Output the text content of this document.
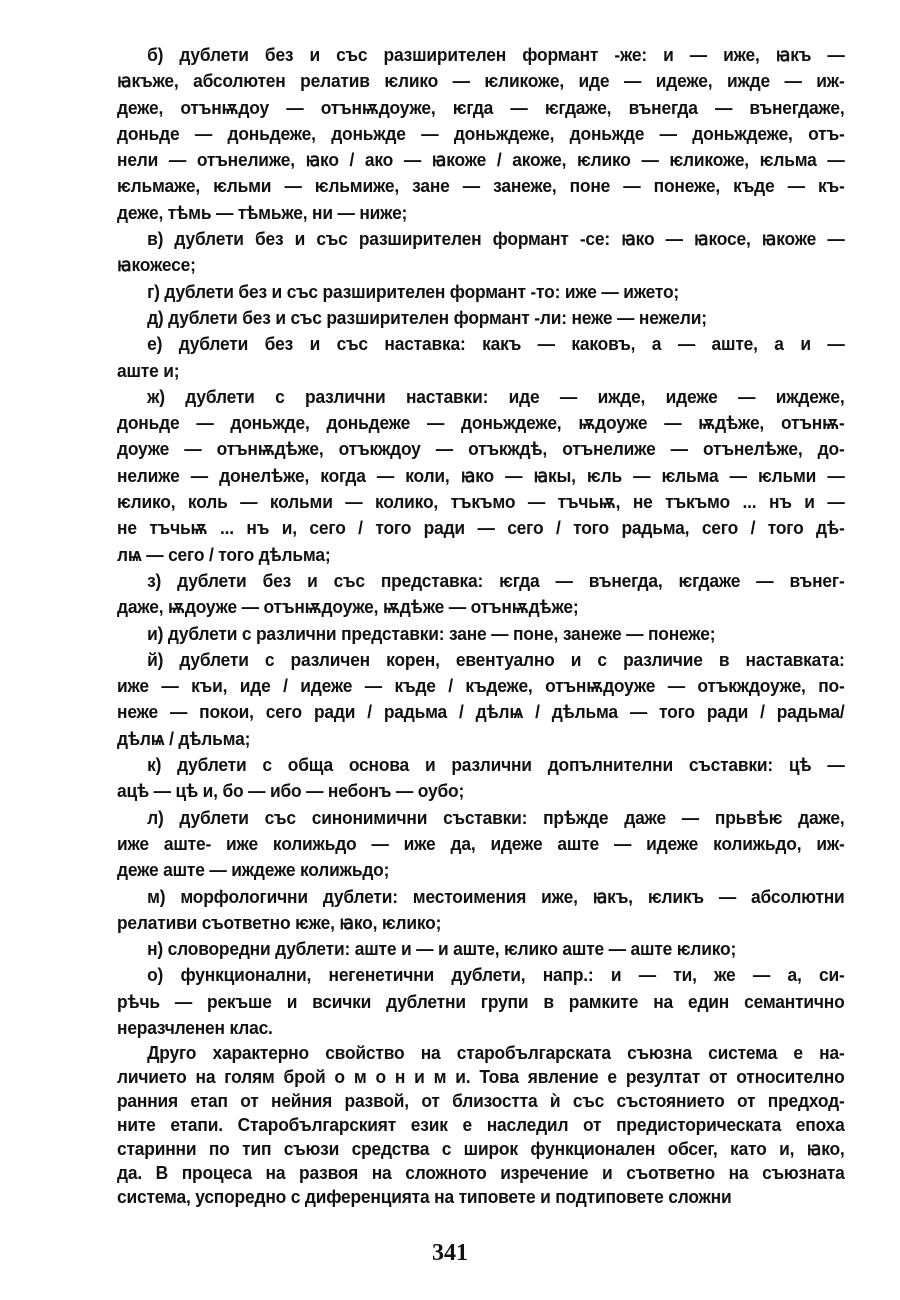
б) дублети без и със разширителен формант -же: и — иже, ꙗкъ —
ꙗкъже, абсолютен релатив ѥлико — ѥликоже, иде — идеже, ижде — иж-
деже, отънѭдоу — отънѭдоуже, ѥгда — ѥгдаже, вънегда — вънегдаже,
доньде — доньдеже, доньжде — доньждеже, доньжде — доньждеже, отъ-
нели — отънелиже, ꙗко / ако — ꙗкоже / акоже, ѥлико — ѥликоже, ѥльма —
ѥльмаже, ѥльми — ѥльмиже, зане — занеже, поне — понеже, къде — къ-
деже, тѣмь — тѣмьже, ни — ниже;
в) дублети без и със разширителен формант -се: ꙗко — ꙗкосе, ꙗкоже —
ꙗкожесе;
г) дублети без и със разширителен формант -то: иже — ижето;
д) дублети без и със разширителен формант -ли: неже — нежели;
е) дублети без и със наставка: какъ — каковъ, а — аште, а и —
аште и;
ж) дублети с различни наставки: иде — ижде, идеже — иждеже,
доньде — доньжде, доньдеже — доньждеже, ѭдоуже — ѭдѣже, отънѭ-
доуже — отънѭдѣже, отъкждоу — отъкждѣ, отънелиже — отънелѣже, до-
нелиже — донелѣже, когда — коли, ꙗко — ꙗкы, ѥль — ѥльма — ѥльми —
ѥлико, коль — кольми — колико, тъкъмо — тъчьѭ, не тъкъмо ... нъ и —
не тъчьѭ ... нъ и, сего / того ради — сего / того радьма, сего / того дѣ-
лѩ — сего / того дѣльма;
з) дублети без и със представка: ѥгда — вънегда, ѥгдаже — вънег-
даже, ѭдоуже — отънѭдоуже, ѭдѣже — отънѭдѣже;
и) дублети с различни представки: зане — поне, занеже — понеже;
й) дублети с различен корен, евентуално и с различие в наставката:
иже — къи, иде / идеже — къде / къдеже, отънѭдоуже — отъкждоуже, по-
неже — покои, сего ради / радьма / дѣлѩ / дѣльма — того ради / радьма/
дѣлѩ / дѣльма;
к) дублети с обща основа и различни допълнителни съставки: цѣ —
ацѣ — цѣ и, бо — ибо — небонъ — оубо;
л) дублети със синонимични съставки: прѣжде даже — прьвѣѥ даже,
иже аште- иже колижьдо — иже да, идеже аште — идеже колижьдо, иж-
деже аште — иждеже колижьдо;
м) морфологични дублети: местоимения иже, ꙗкъ, ѥликъ — абсолютни
релативи съответно ѥже, ꙗко, ѥлико;
н) словоредни дублети: аште и — и аште, ѥлико аште — аште ѥлико;
о) функционални, негенетични дублети, напр.: и — ти, же — а, си-
рѣчь — рекъше и всички дублетни групи в рамките на един семантично
неразчленен клас.
Друго характерно свойство на старобългарската съюзна система е на-
личието на голям брой о м о н и м и. Това явление е резултат от относително
ранния етап от нейния развой, от близостта ѝ със състоянието от предход-
ните етапи. Старобългарският език е наследил от предисторическата епоха
старинни по тип съюзи средства с широк функционален обсег, като и, ꙗко,
да. В процеса на развоя на сложното изречение и съответно на съюзната
система, успоредно с диференцията на типовете и подтиповете сложни
341
